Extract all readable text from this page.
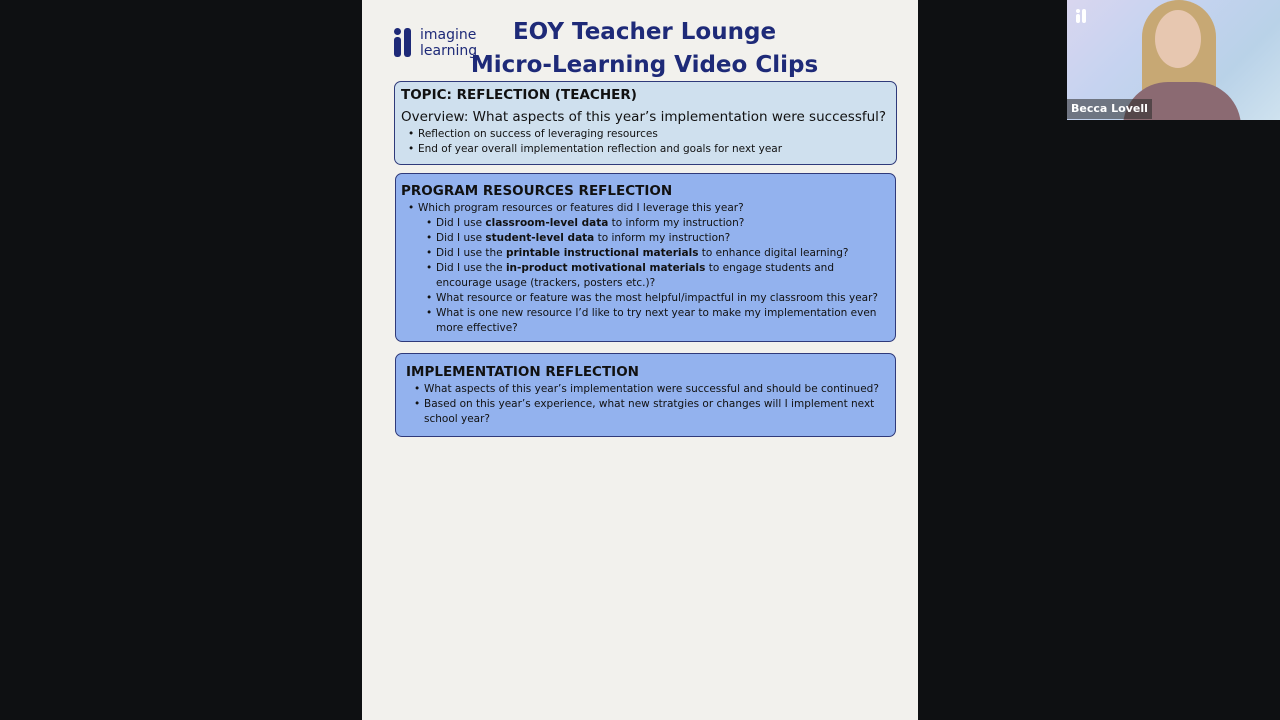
imagine
learning
EOY Teacher Lounge
Micro-Learning Video Clips
TOPIC: REFLECTION (TEACHER)
Overview: What aspects of this year’s implementation were successful?
• Reflection on success of leveraging resources
• End of year overall implementation reflection and goals for next year
PROGRAM RESOURCES REFLECTION
• Which program resources or features did I leverage this year?
• Did I use classroom-level data to inform my instruction?
• Did I use student-level data to inform my instruction?
• Did I use the printable instructional materials to enhance digital learning?
• Did I use the in-product motivational materials to engage students and encourage usage (trackers, posters etc.)?
• What resource or feature was the most helpful/impactful in my classroom this year?
• What is one new resource I’d like to try next year to make my implementation even more effective?
IMPLEMENTATION REFLECTION
• What aspects of this year’s implementation were successful and should be continued?
• Based on this year’s experience, what new stratgies or changes will I implement next school year?
Becca Lovell
